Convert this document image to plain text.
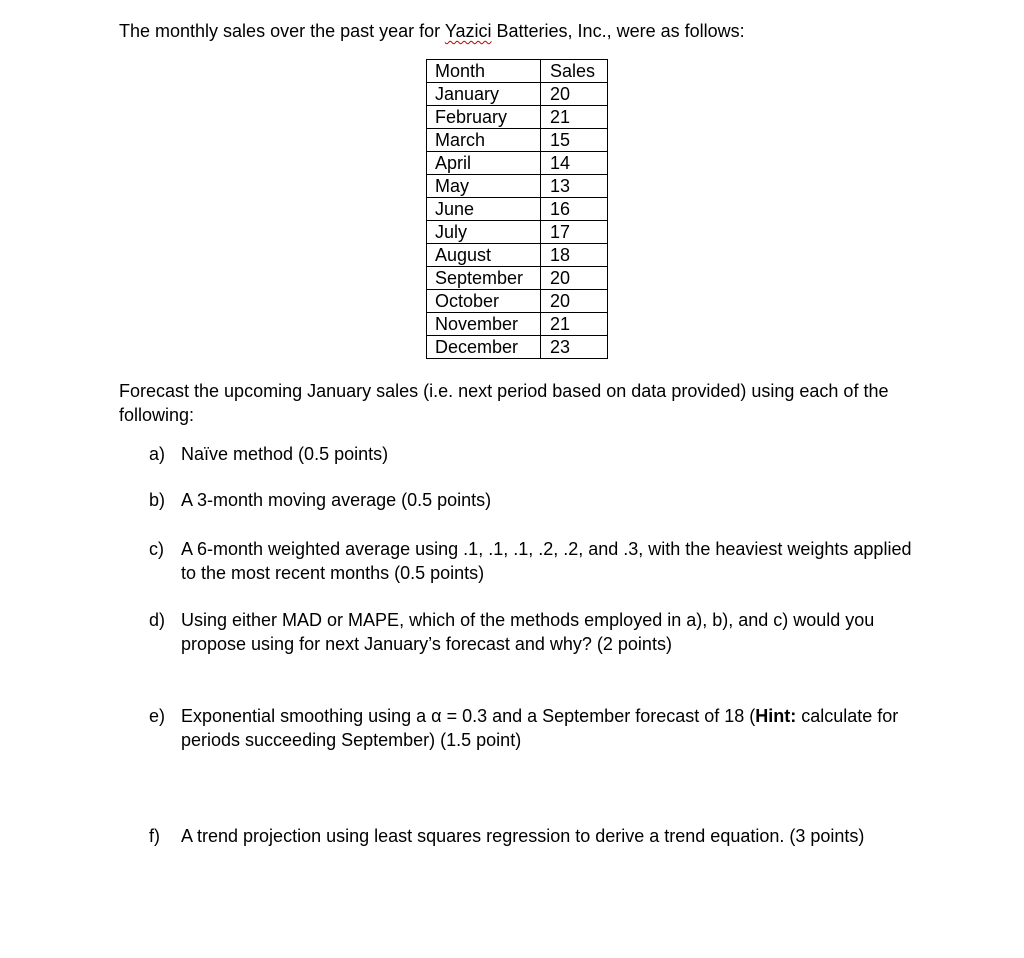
The monthly sales over the past year for Yazici Batteries, Inc., were as follows:
Month	Sales
January	20
February	21
March	15
April	14
May	13
June	16
July	17
August	18
September	20
October	20
November	21
December	23
Forecast the upcoming January sales (i.e. next period based on data provided) using each of the following:
a) Naïve method (0.5 points)
b) A 3-month moving average (0.5 points)
c) A 6-month weighted average using .1, .1, .1, .2, .2, and .3, with the heaviest weights applied to the most recent months (0.5 points)
d) Using either MAD or MAPE, which of the methods employed in a), b), and c) would you propose using for next January’s forecast and why? (2 points)
e) Exponential smoothing using a α = 0.3 and a September forecast of 18 (Hint: calculate for periods succeeding September) (1.5 point)
f)	A trend projection using least squares regression to derive a trend equation. (3 points)
